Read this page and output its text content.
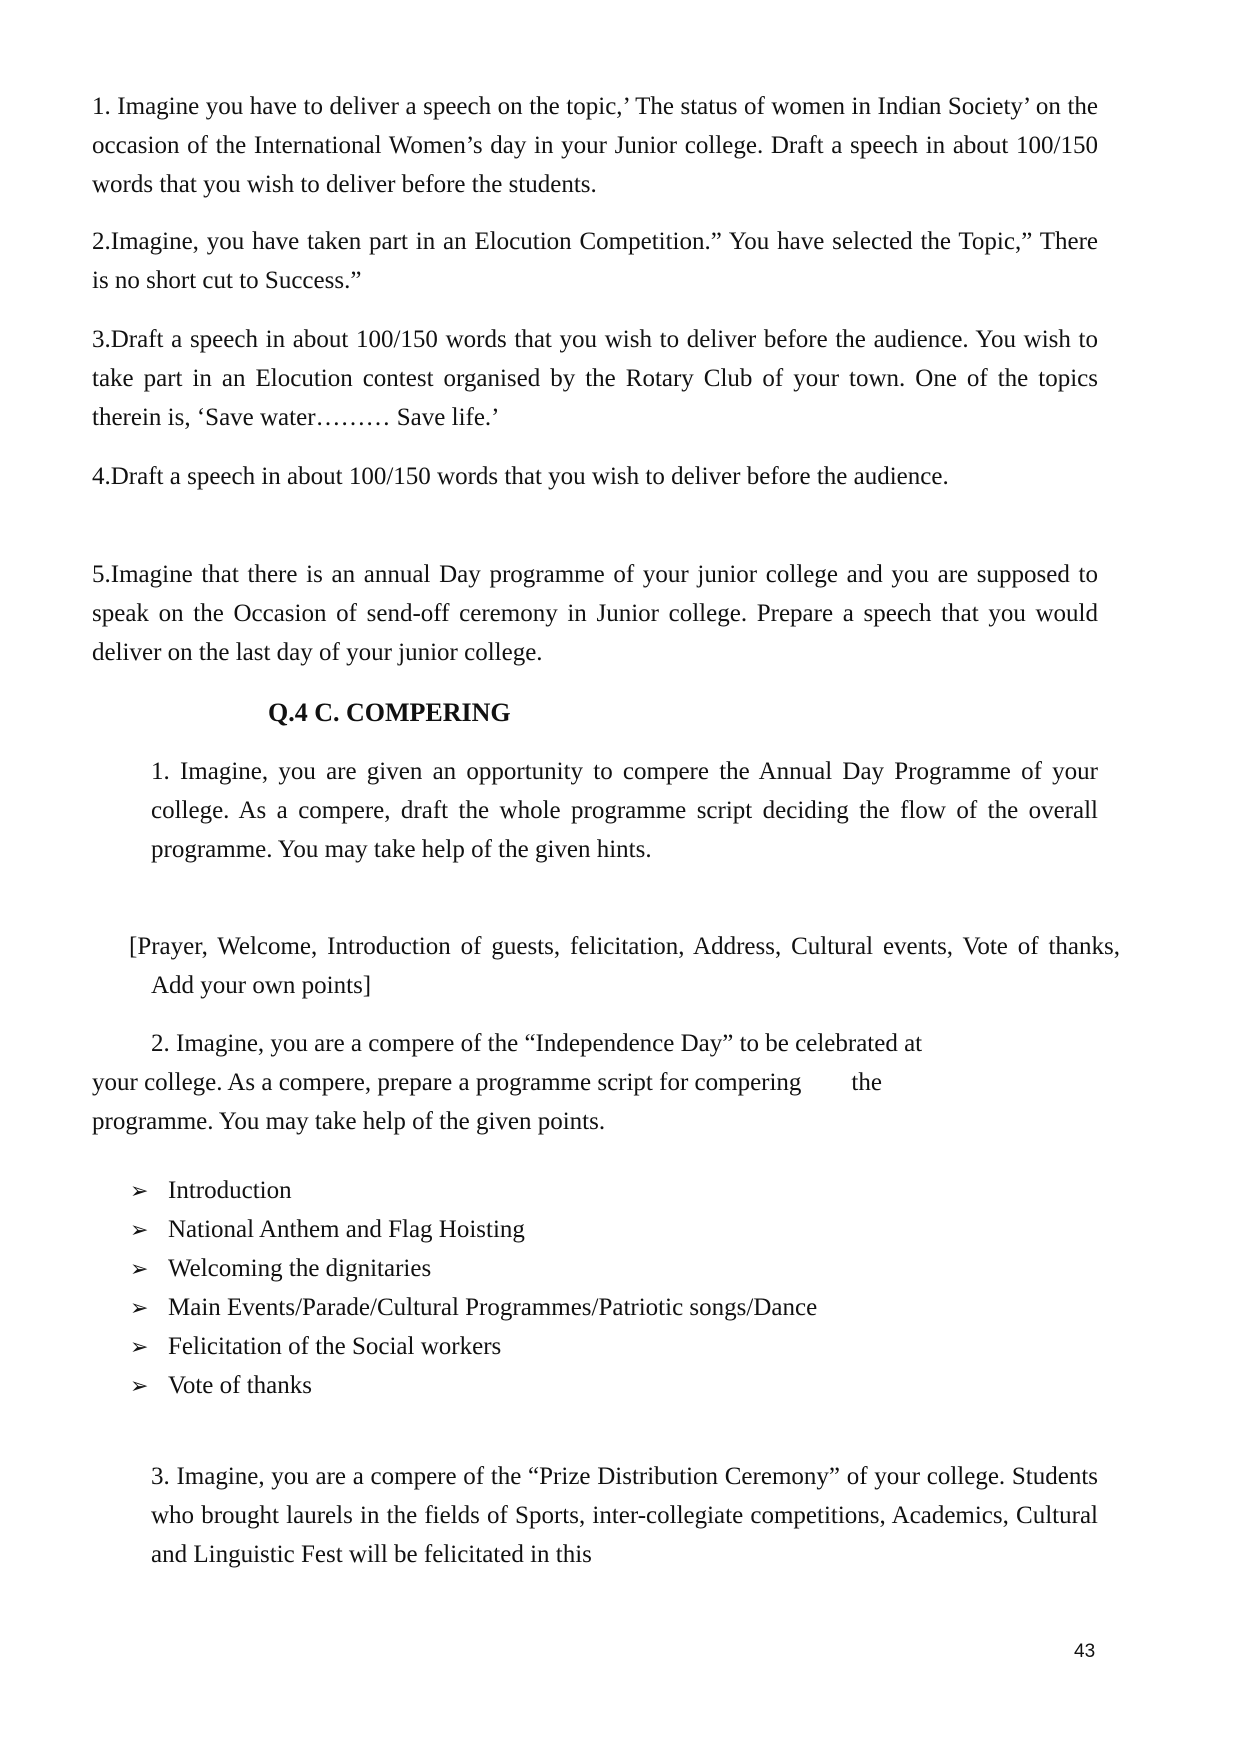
1. Imagine you have to deliver a speech on the topic,’ The status of women in Indian Society’ on the occasion of the International Women’s day in your Junior college. Draft a speech in about 100/150 words that you wish to deliver before the students.

2.Imagine, you have taken part in an Elocution Competition.” You have selected the Topic,” There is no short cut to Success.”

3.Draft a speech in about 100/150 words that you wish to deliver before the audience. You wish to take part in an Elocution contest organised by the Rotary Club of your town. One of the topics therein is, ‘Save water……… Save life.’

4.Draft a speech in about 100/150 words that you wish to deliver before the audience.

5.Imagine that there is an annual Day programme of your junior college and you are supposed to speak on the Occasion of send-off ceremony in Junior college. Prepare a speech that you would deliver on the last day of your junior college.

Q.4 C. COMPERING

1. Imagine, you are given an opportunity to compere the Annual Day Programme of your college. As a compere, draft the whole programme script deciding the flow of the overall programme. You may take help of the given hints.

[Prayer, Welcome, Introduction of guests, felicitation, Address, Cultural events, Vote of thanks, Add your own points]

2. Imagine, you are a compere of the “Independence Day” to be celebrated at

your college. As a compere, prepare a programme script for compering        the

programme. You may take help of the given points.

➢ Introduction
➢ National Anthem and Flag Hoisting
➢ Welcoming the dignitaries
➢ Main Events/Parade/Cultural Programmes/Patriotic songs/Dance
➢ Felicitation of the Social workers
➢ Vote of thanks

3. Imagine, you are a compere of the “Prize Distribution Ceremony” of your college. Students who brought laurels in the fields of Sports, inter-collegiate competitions, Academics, Cultural and Linguistic Fest will be felicitated in this

43
